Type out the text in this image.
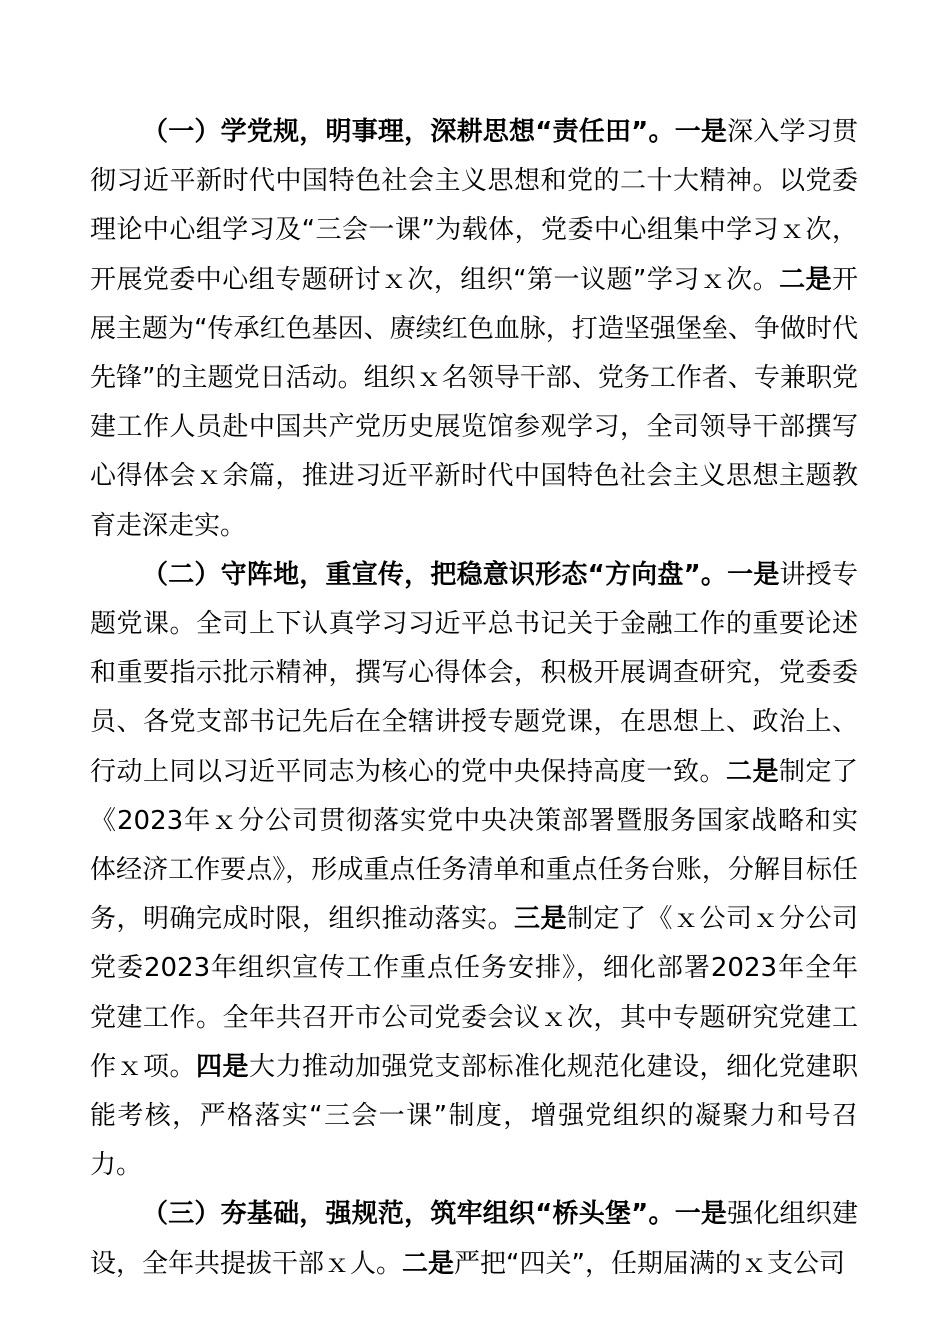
（一）学党规，明事理，深耕思想“责任田”。一是深入学习贯彻习近平新时代中国特色社会主义思想和党的二十大精神。以党委理论中心组学习及“三会一课”为载体，党委中心组集中学习ｘ次，开展党委中心组专题研讨ｘ次，组织“第一议题”学习ｘ次。二是开展主题为“传承红色基因、赓续红色血脉，打造坚强堡垒、争做时代先锋”的主题党日活动。组织ｘ名领导干部、党务工作者、专兼职党建工作人员赴中国共产党历史展览馆参观学习，全司领导干部撰写心得体会ｘ余篇，推进习近平新时代中国特色社会主义思想主题教育走深走实。

（二）守阵地，重宣传，把稳意识形态“方向盘”。一是讲授专题党课。全司上下认真学习习近平总书记关于金融工作的重要论述和重要指示批示精神，撰写心得体会，积极开展调查研究，党委委员、各党支部书记先后在全辖讲授专题党课，在思想上、政治上、行动上同以习近平同志为核心的党中央保持高度一致。二是制定了《2023年ｘ分公司贯彻落实党中央决策部署暨服务国家战略和实体经济工作要点》，形成重点任务清单和重点任务台账，分解目标任务，明确完成时限，组织推动落实。三是制定了《ｘ公司ｘ分公司党委2023年组织宣传工作重点任务安排》，细化部署2023年全年党建工作。全年共召开市公司党委会议ｘ次，其中专题研究党建工作ｘ项。四是大力推动加强党支部标准化规范化建设，细化党建职能考核，严格落实“三会一课”制度，增强党组织的凝聚力和号召力。

（三）夯基础，强规范，筑牢组织“桥头堡”。一是强化组织建设，全年共提拔干部ｘ人。二是严把“四关”，任期届满的ｘ支公司
